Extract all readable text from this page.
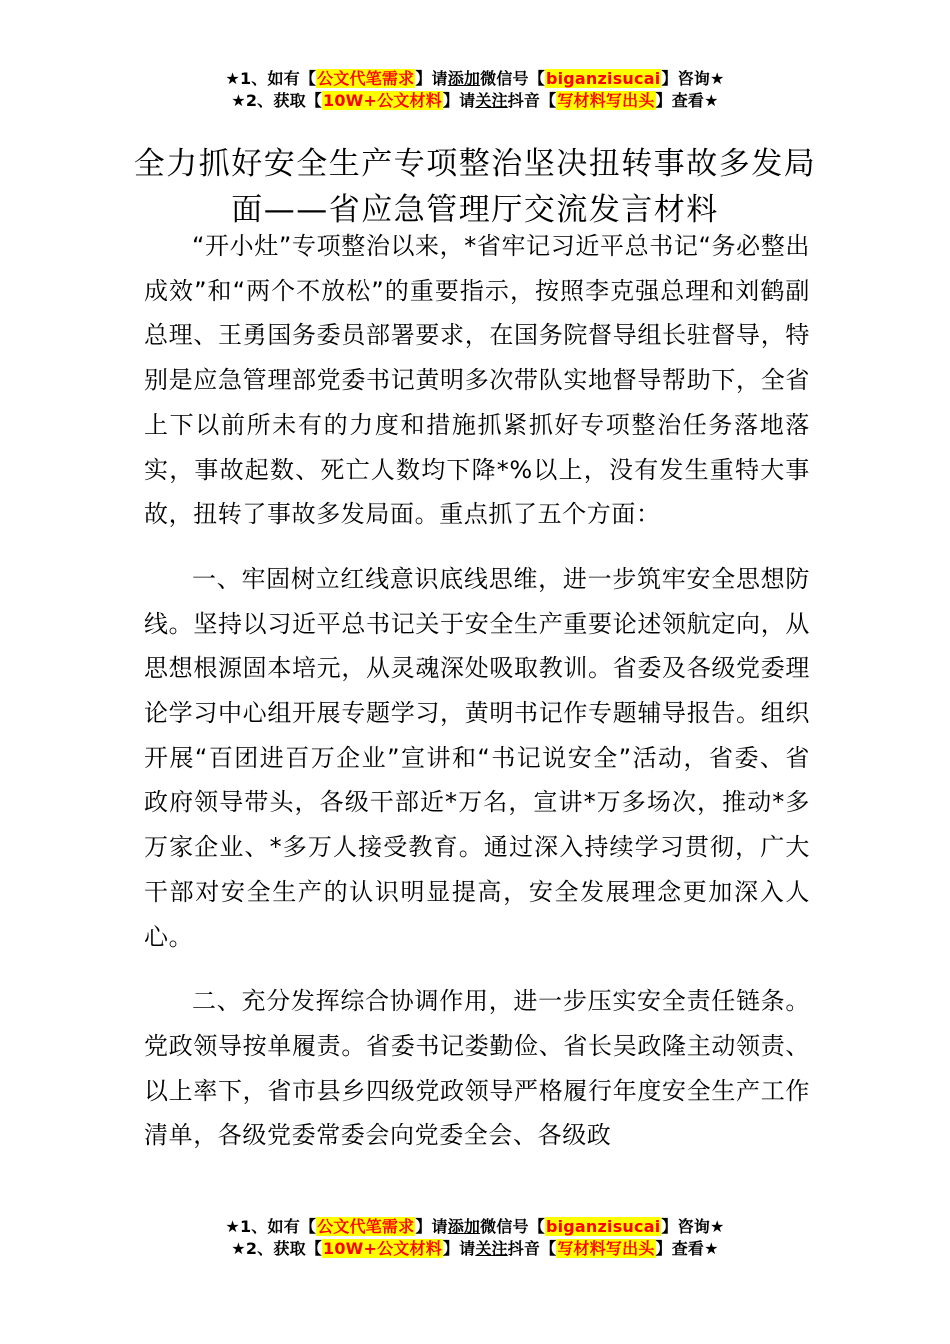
★1、如有【公文代笔需求】请添加微信号【biganzisucai】咨询★
★2、获取【10W+公文材料】请关注抖音【写材料写出头】查看★
全力抓好安全生产专项整治坚决扭转事故多发局面——省应急管理厅交流发言材料

“开小灶”专项整治以来，*省牢记习近平总书记“务必整出成效”和“两个不放松”的重要指示，按照李克强总理和刘鹤副总理、王勇国务委员部署要求，在国务院督导组长驻督导，特别是应急管理部党委书记黄明多次带队实地督导帮助下，全省上下以前所未有的力度和措施抓紧抓好专项整治任务落地落实，事故起数、死亡人数均下降*%以上，没有发生重特大事故，扭转了事故多发局面。重点抓了五个方面：

一、牢固树立红线意识底线思维，进一步筑牢安全思想防线。坚持以习近平总书记关于安全生产重要论述领航定向，从思想根源固本培元，从灵魂深处吸取教训。省委及各级党委理论学习中心组开展专题学习，黄明书记作专题辅导报告。组织开展“百团进百万企业”宣讲和“书记说安全”活动，省委、省政府领导带头，各级干部近*万名，宣讲*万多场次，推动*多万家企业、*多万人接受教育。通过深入持续学习贯彻，广大干部对安全生产的认识明显提高，安全发展理念更加深入人心。

二、充分发挥综合协调作用，进一步压实安全责任链条。党政领导按单履责。省委书记娄勤俭、省长吴政隆主动领责、以上率下，省市县乡四级党政领导严格履行年度安全生产工作清单，各级党委常委会向党委全会、各级政

★1、如有【公文代笔需求】请添加微信号【biganzisucai】咨询★
★2、获取【10W+公文材料】请关注抖音【写材料写出头】查看★
